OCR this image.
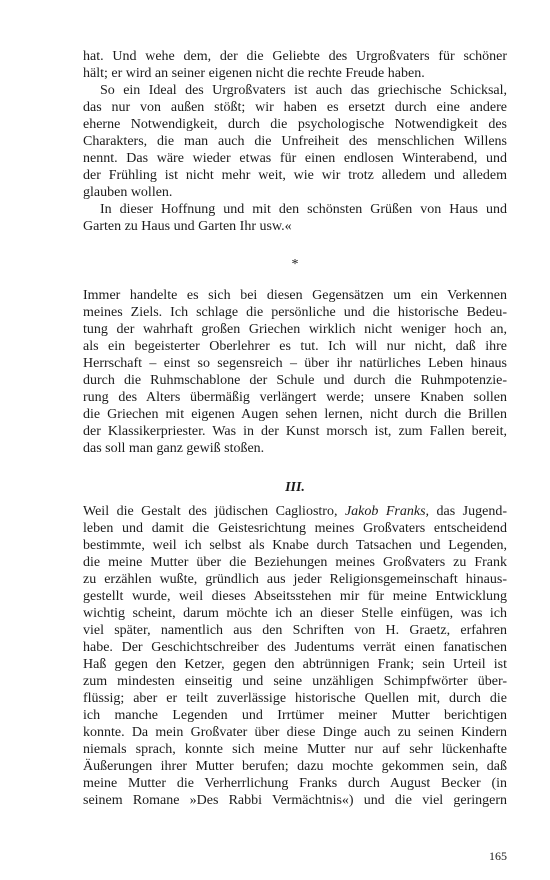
hat. Und wehe dem, der die Geliebte des Urgroßvaters für schöner
hält; er wird an seiner eigenen nicht die rechte Freude haben.
So ein Ideal des Urgroßvaters ist auch das griechische Schicksal,
das nur von außen stößt; wir haben es ersetzt durch eine andere
eherne Notwendigkeit, durch die psychologische Notwendigkeit des
Charakters, die man auch die Unfreiheit des menschlichen Willens
nennt. Das wäre wieder etwas für einen endlosen Winterabend, und
der Frühling ist nicht mehr weit, wie wir trotz alledem und alledem
glauben wollen.
In dieser Hoffnung und mit den schönsten Grüßen von Haus und
Garten zu Haus und Garten Ihr usw.«
*
Immer handelte es sich bei diesen Gegensätzen um ein Verkennen
meines Ziels. Ich schlage die persönliche und die historische Bedeu-
tung der wahrhaft großen Griechen wirklich nicht weniger hoch an,
als ein begeisterter Oberlehrer es tut. Ich will nur nicht, daß ihre
Herrschaft – einst so segensreich – über ihr natürliches Leben hinaus
durch die Ruhmschablone der Schule und durch die Ruhmpotenzie-
rung des Alters übermäßig verlängert werde; unsere Knaben sollen
die Griechen mit eigenen Augen sehen lernen, nicht durch die Brillen
der Klassikerpriester. Was in der Kunst morsch ist, zum Fallen bereit,
das soll man ganz gewiß stoßen.
III.
Weil die Gestalt des jüdischen Cagliostro, Jakob Franks, das Jugend-
leben und damit die Geistesrichtung meines Großvaters entscheidend
bestimmte, weil ich selbst als Knabe durch Tatsachen und Legenden,
die meine Mutter über die Beziehungen meines Großvaters zu Frank
zu erzählen wußte, gründlich aus jeder Religionsgemeinschaft hinaus-
gestellt wurde, weil dieses Abseitsstehen mir für meine Entwicklung
wichtig scheint, darum möchte ich an dieser Stelle einfügen, was ich
viel später, namentlich aus den Schriften von H. Graetz, erfahren
habe. Der Geschichtschreiber des Judentums verrät einen fanatischen
Haß gegen den Ketzer, gegen den abtrünnigen Frank; sein Urteil ist
zum mindesten einseitig und seine unzähligen Schimpfwörter über-
flüssig; aber er teilt zuverlässige historische Quellen mit, durch die
ich manche Legenden und Irrtümer meiner Mutter berichtigen
konnte. Da mein Großvater über diese Dinge auch zu seinen Kindern
niemals sprach, konnte sich meine Mutter nur auf sehr lückenhafte
Äußerungen ihrer Mutter berufen; dazu mochte gekommen sein, daß
meine Mutter die Verherrlichung Franks durch August Becker (in
seinem Romane »Des Rabbi Vermächtnis«) und die viel geringern
165
